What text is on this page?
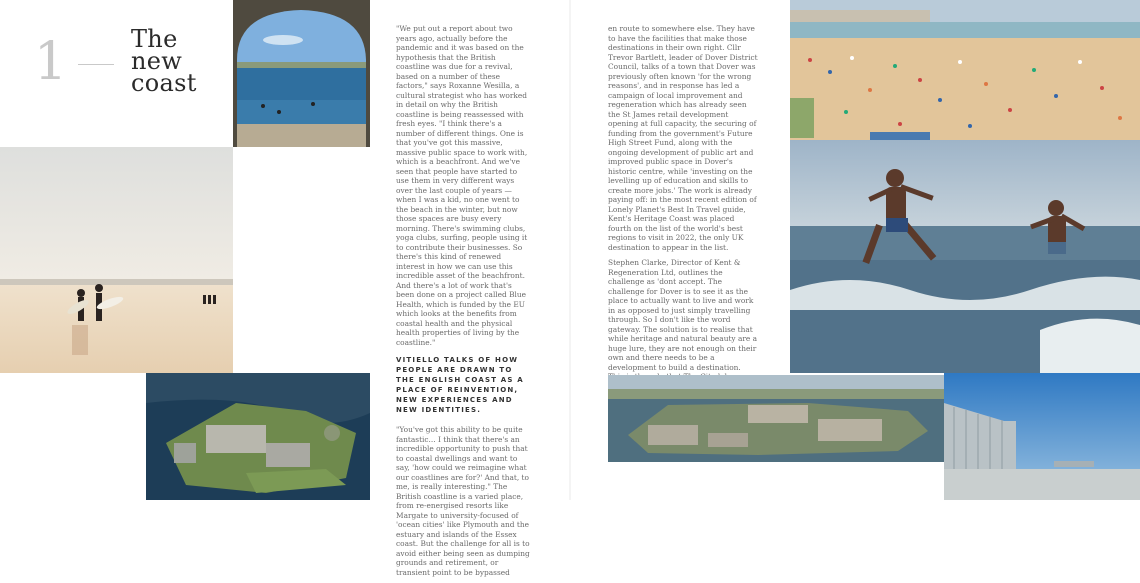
1	The
new
coast

"We put out a report about two years ago, actually before the pandemic and it was based on the hypothesis that the British coastline was due for a revival, based on a number of these factors," says Roxanne Wesilla, a cultural strategist who has worked in detail on why the British coastline is being reassessed with fresh eyes. "I think there's a number of different things. One is that you've got this massive, massive public space to work with, which is a beachfront. And we've seen that people have started to use them in very different ways over the last couple of years — when I was a kid, no one went to the beach in the winter, but now those spaces are busy every morning. There's swimming clubs, yoga clubs, surfing, people using it to contribute their businesses. So there's this kind of renewed interest in how we can use this incredible asset of the beachfront. And there's a lot of work that's been done on a project called Blue Health, which is funded by the EU which looks at the benefits from coastal health and the physical health properties of living by the coastline."

VITIELLO TALKS OF HOW PEOPLE ARE DRAWN TO THE ENGLISH COAST AS A PLACE OF REINVENTION, NEW EXPERIENCES AND NEW IDENTITIES.

"You've got this ability to be quite fantastic... I think that there's an incredible opportunity to push that to coastal dwellings and want to say, 'how could we reimagine what our coastlines are for?' And that, to me, is really interesting." The British coastline is a varied place, from re-energised resorts like Margate to university-focused of 'ocean cities' like Plymouth and the estuary and islands of the Essex coast. But the challenge for all is to avoid either being seen as dumping grounds and retirement, or transient point to be bypassed

en route to somewhere else. They have to have the facilities that make those destinations in their own right. Cllr Trevor Bartlett, leader of Dover District Council, talks of a town that Dover was previously often known 'for the wrong reasons', and in response has led a campaign of local improvement and regeneration which has already seen the St James retail development opening at full capacity, the securing of funding from the government's Future High Street Fund, along with the ongoing development of public art and improved public space in Dover's historic centre, while 'investing on the levelling up of education and skills to create more jobs.' The work is already paying off: in the most recent edition of Lonely Planet's Best In Travel guide, Kent's Heritage Coast was placed fourth on the list of the world's best regions to visit in 2022, the only UK destination to appear in the list.

Stephen Clarke, Director of Kent & Regeneration Ltd, outlines the challenge as 'dont accept. The challenge for Dover is to see it as the place to actually want to live and work in as opposed to just simply travelling through. So I don't like the word gateway. The solution is to realise that while heritage and natural beauty are a huge lure, they are not enough on their own and there needs to be a development to build a destination.
